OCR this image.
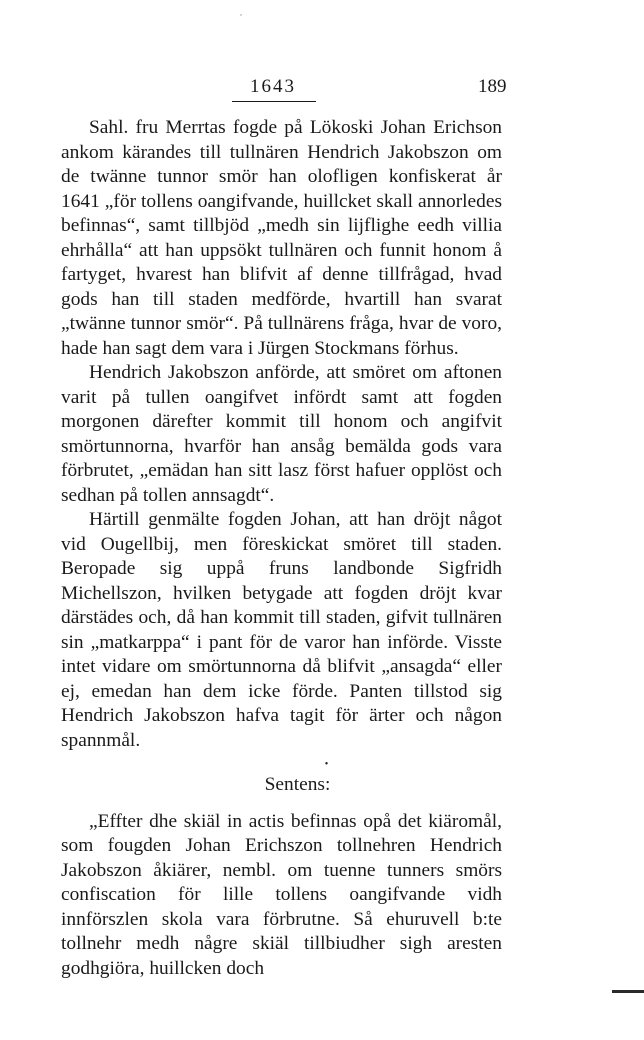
1643	189

Sahl. fru Merrtas fogde på Lökoski Johan Erichson ankom kärandes till tullnären Hendrich Jakobszon om de twänne tunnor smör han olofligen konfiskerat år 1641 „för tollens oangifvande, huillcket skall annorledes befinnas“, samt tillbjöd „medh sin lijflighe eedh villia ehrhålla“ att han uppsökt tullnären och funnit honom å fartyget, hvarest han blifvit af denne tillfrågad, hvad gods han till staden medförde, hvartill han svarat „twänne tunnor smör“. På tullnärens fråga, hvar de voro, hade han sagt dem vara i Jürgen Stockmans förhus.

Hendrich Jakobszon anförde, att smöret om aftonen varit på tullen oangifvet infördt samt att fogden morgonen därefter kommit till honom och angifvit smörtunnorna, hvarför han ansåg bemälda gods vara förbrutet, „emädan han sitt lasz först hafuer opplöst och sedhan på tollen annsagdt“.

Härtill genmälte fogden Johan, att han dröjt något vid Ougellbij, men föreskickat smöret till staden. Beropade sig uppå fruns landbonde Sigfridh Michellszon, hvilken betygade att fogden dröjt kvar därstädes och, då han kommit till staden, gifvit tullnären sin „matkarppa“ i pant för de varor han införde. Visste intet vidare om smörtunnorna då blifvit „ansagda“ eller ej, emedan han dem icke förde. Panten tillstod sig Hendrich Jakobszon hafva tagit för ärter och någon spannmål.

•

Sentens:

„Effter dhe skiäl in actis befinnas opå det kiäromål, som fougden Johan Erichszon tollnehren Hendrich Jakobszon åkiärer, nembl. om tuenne tunners smörs confiscation för lille tollens oangifvande vidh innförszlen skola vara förbrutne. Så ehuruvell b:te tollnehr medh någre skiäl tillbiudher sigh aresten godhgiöra, huillcken doch
